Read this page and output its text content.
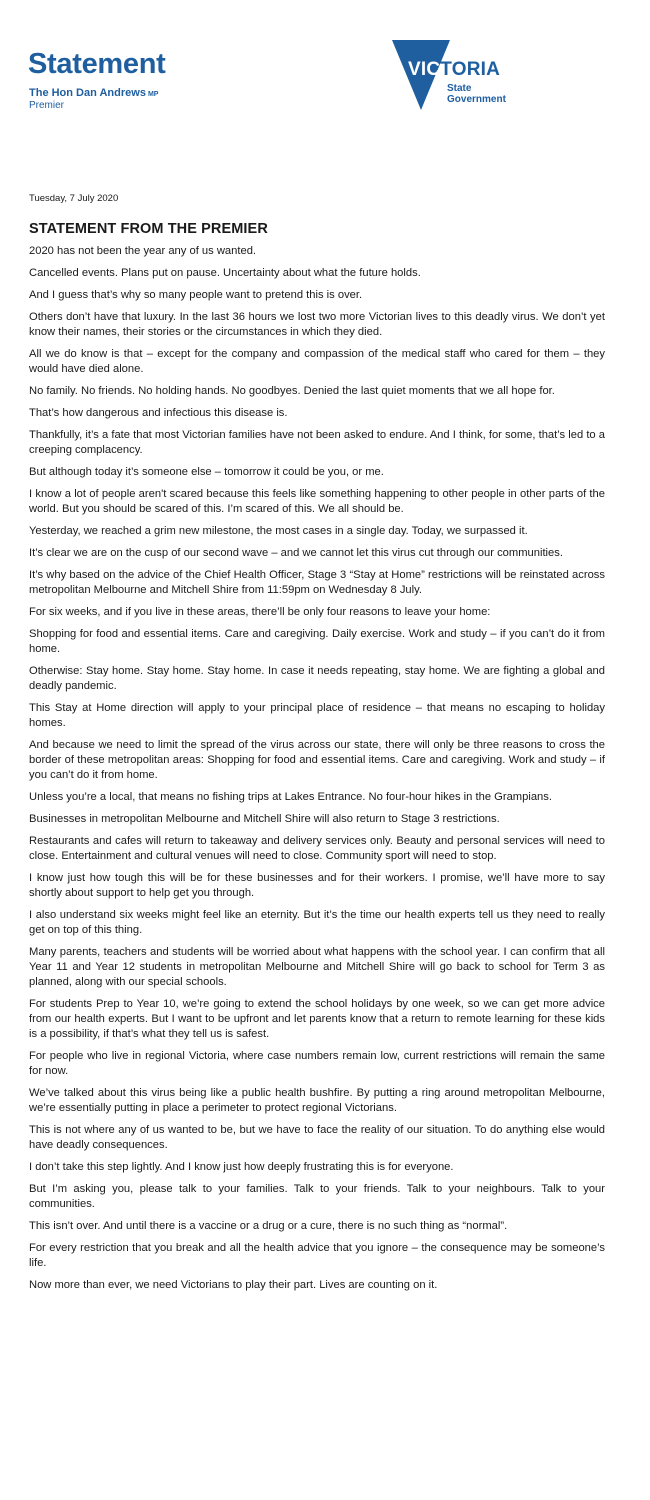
Statement
The Hon Dan Andrews MP
Premier
VICTORIA
State
Government
Tuesday, 7 July 2020
STATEMENT FROM THE PREMIER

2020 has not been the year any of us wanted.

Cancelled events. Plans put on pause. Uncertainty about what the future holds.

And I guess that’s why so many people want to pretend this is over.

Others don’t have that luxury. In the last 36 hours we lost two more Victorian lives to this deadly virus. We don’t yet know their names, their stories or the circumstances in which they died.

All we do know is that – except for the company and compassion of the medical staff who cared for them – they would have died alone.

No family. No friends. No holding hands. No goodbyes. Denied the last quiet moments that we all hope for.

That’s how dangerous and infectious this disease is.

Thankfully, it’s a fate that most Victorian families have not been asked to endure. And I think, for some, that’s led to a creeping complacency.

But although today it’s someone else – tomorrow it could be you, or me.

I know a lot of people aren't scared because this feels like something happening to other people in other parts of the world. But you should be scared of this. I’m scared of this. We all should be.

Yesterday, we reached a grim new milestone, the most cases in a single day. Today, we surpassed it.

It’s clear we are on the cusp of our second wave – and we cannot let this virus cut through our communities.

It’s why based on the advice of the Chief Health Officer, Stage 3 “Stay at Home” restrictions will be reinstated across metropolitan Melbourne and Mitchell Shire from 11:59pm on Wednesday 8 July.

For six weeks, and if you live in these areas, there’ll be only four reasons to leave your home:

Shopping for food and essential items. Care and caregiving. Daily exercise. Work and study – if you can’t do it from home.

Otherwise: Stay home. Stay home. Stay home. In case it needs repeating, stay home. We are fighting a global and deadly pandemic.

This Stay at Home direction will apply to your principal place of residence – that means no escaping to holiday homes.

And because we need to limit the spread of the virus across our state, there will only be three reasons to cross the border of these metropolitan areas: Shopping for food and essential items. Care and caregiving. Work and study – if you can’t do it from home.

Unless you’re a local, that means no fishing trips at Lakes Entrance. No four-hour hikes in the Grampians.

Businesses in metropolitan Melbourne and Mitchell Shire will also return to Stage 3 restrictions.

Restaurants and cafes will return to takeaway and delivery services only. Beauty and personal services will need to close. Entertainment and cultural venues will need to close. Community sport will need to stop.

I know just how tough this will be for these businesses and for their workers. I promise, we’ll have more to say shortly about support to help get you through.

I also understand six weeks might feel like an eternity. But it’s the time our health experts tell us they need to really get on top of this thing.

Many parents, teachers and students will be worried about what happens with the school year. I can confirm that all Year 11 and Year 12 students in metropolitan Melbourne and Mitchell Shire will go back to school for Term 3 as planned, along with our special schools.

For students Prep to Year 10, we’re going to extend the school holidays by one week, so we can get more advice from our health experts. But I want to be upfront and let parents know that a return to remote learning for these kids is a possibility, if that’s what they tell us is safest.

For people who live in regional Victoria, where case numbers remain low, current restrictions will remain the same for now.

We’ve talked about this virus being like a public health bushfire. By putting a ring around metropolitan Melbourne, we’re essentially putting in place a perimeter to protect regional Victorians.

This is not where any of us wanted to be, but we have to face the reality of our situation. To do anything else would have deadly consequences.

I don’t take this step lightly. And I know just how deeply frustrating this is for everyone.

But I’m asking you, please talk to your families. Talk to your friends. Talk to your neighbours. Talk to your communities.

This isn’t over. And until there is a vaccine or a drug or a cure, there is no such thing as “normal”.

For every restriction that you break and all the health advice that you ignore – the consequence may be someone’s life.

Now more than ever, we need Victorians to play their part. Lives are counting on it.
